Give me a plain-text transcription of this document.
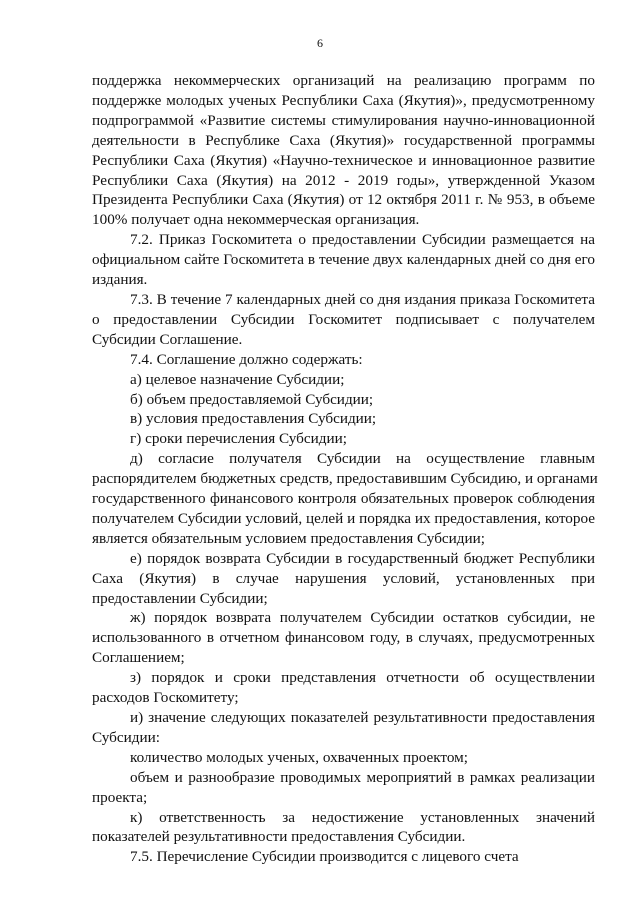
6
поддержка некоммерческих организаций на реализацию программ по
поддержке молодых ученых Республики Саха (Якутия)», предусмотренному
подпрограммой «Развитие системы стимулирования научно-инновационной
деятельности в Республике Саха (Якутия)» государственной программы
Республики Саха (Якутия) «Научно-техническое и инновационное развитие
Республики Саха (Якутия) на 2012 - 2019 годы», утвержденной Указом
Президента Республики Саха (Якутия) от 12 октября 2011 г. № 953, в объеме
100% получает одна некоммерческая организация.
7.2. Приказ Госкомитета о предоставлении Субсидии размещается на
официальном сайте Госкомитета в течение двух календарных дней со дня его
издания.
7.3. В течение 7 календарных дней со дня издания приказа Госкомитета
о предоставлении Субсидии Госкомитет подписывает с получателем
Субсидии Соглашение.
7.4. Соглашение должно содержать:
а) целевое назначение Субсидии;
б) объем предоставляемой Субсидии;
в) условия предоставления Субсидии;
г) сроки перечисления Субсидии;
д) согласие получателя Субсидии на осуществление главным
распорядителем бюджетных средств, предоставившим Субсидию, и органами
государственного финансового контроля обязательных проверок соблюдения
получателем Субсидии условий, целей и порядка их предоставления, которое
является обязательным условием предоставления Субсидии;
е) порядок возврата Субсидии в государственный бюджет Республики
Саха (Якутия) в случае нарушения условий, установленных при
предоставлении Субсидии;
ж) порядок возврата получателем Субсидии остатков субсидии, не
использованного в отчетном финансовом году, в случаях, предусмотренных
Соглашением;
з) порядок и сроки представления отчетности об осуществлении
расходов Госкомитету;
и) значение следующих показателей результативности предоставления
Субсидии:
количество молодых ученых, охваченных проектом;
объем и разнообразие проводимых мероприятий в рамках реализации
проекта;
к) ответственность за недостижение установленных значений
показателей результативности предоставления Субсидии.
7.5. Перечисление Субсидии производится с лицевого счета
